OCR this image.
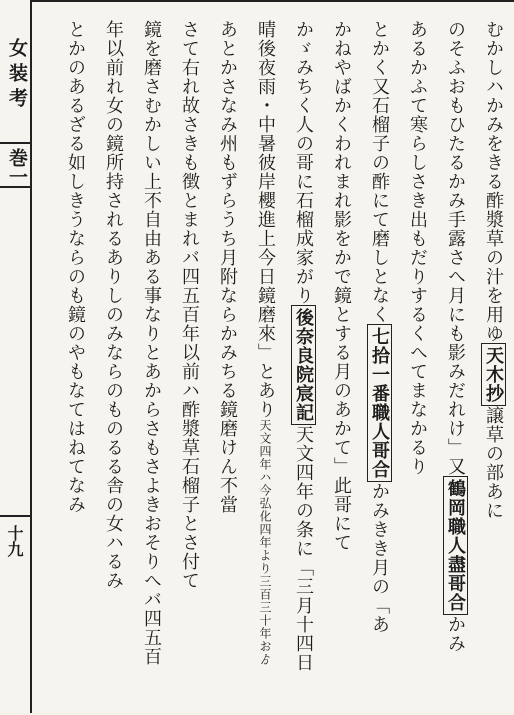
女装考
巻一
十九
むかしハかみをきる酢漿草の汁を用ゆ天木抄譲草の部あに
のそふおもひたるかみ手露さへ月にも影みだれけ」又鶴岡職人盡哥合かみ
あるかふて寒らしさき出もだりするくへてまなかるり
とかく又石榴子の酢にて磨しとなく七拾一番職人哥合かみきき月の「あ
かねやばかくわれまれ影をかで鏡とする月のあかて」此哥にて
かゞみちく人の哥に石榴成家がり後奈良院宸記天文四年の条に「三月十四日
晴後夜雨・中暑彼岸櫻進上今日鏡磨來」とあり天文四年ハ今弘化四年より三百三十年おゟ
あとかさなみ州もずらうち月附ならかみちる鏡磨けん不當
さて右れ故さきも徴とまれバ四五百年以前ハ酢漿草石榴子とさ付て
鏡を磨さむかしい上不自由ある事なりとあからさもさよきおそりへバ四五百
年以前れ女の鏡所持されるありしのみならのものるる舎の女ハるみ
とかのあるざる如しきうならのも鏡のやもなてはねてなみ
